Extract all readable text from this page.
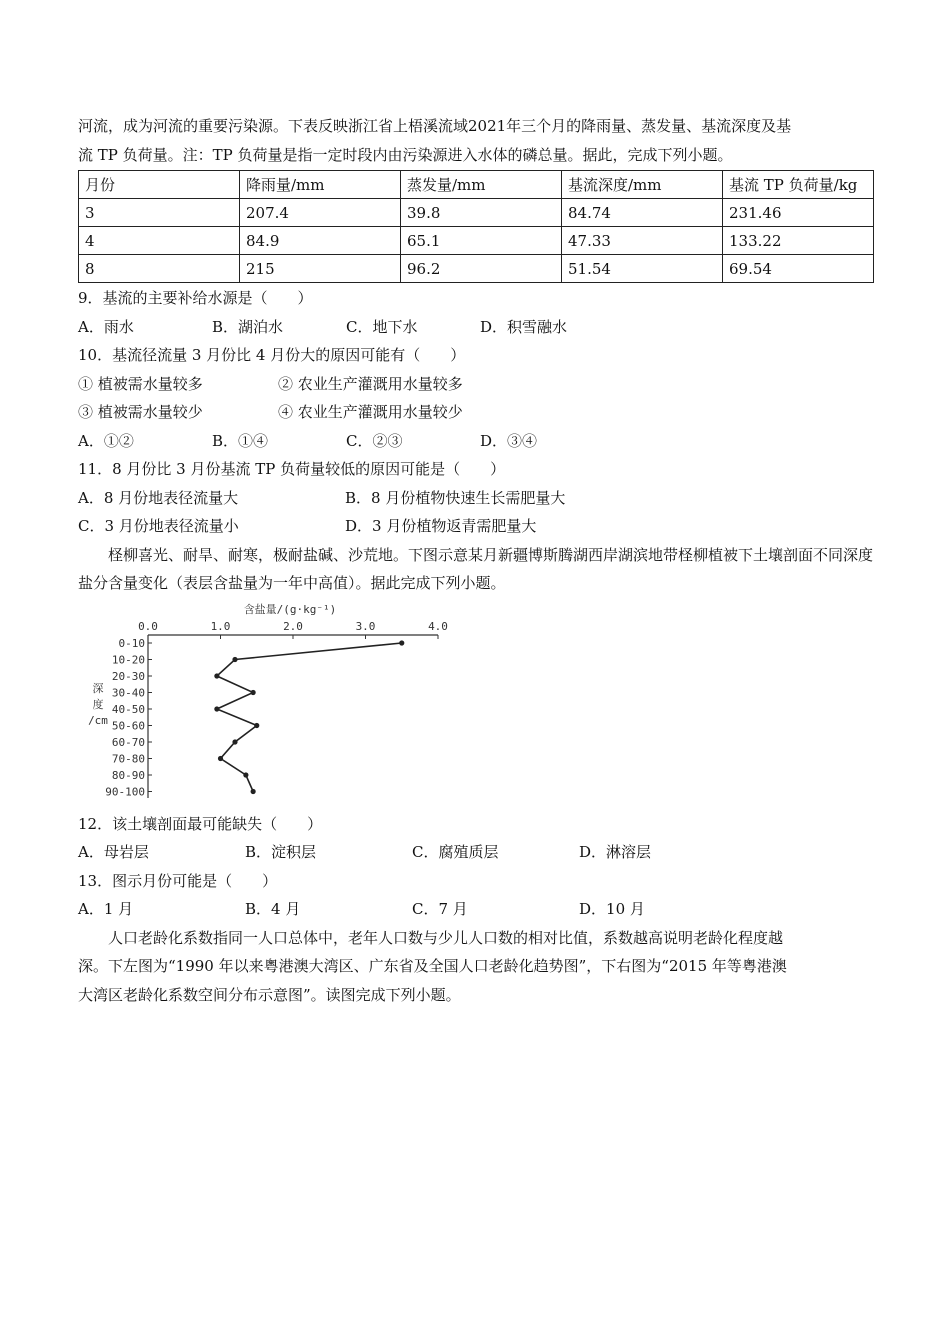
河流，成为河流的重要污染源。下表反映浙江省上梧溪流域2021年三个月的降雨量、蒸发量、基流深度及基

流 TP 负荷量。注：TP 负荷量是指一定时段内由污染源进入水体的磷总量。据此，完成下列小题。

月份	降雨量/mm	蒸发量/mm	基流深度/mm	基流 TP 负荷量/kg
3	207.4	39.8	84.74	231.46
4	84.9	65.1	47.33	133.22
8	215	96.2	51.54	69.54

9．基流的主要补给水源是（　　）

A．雨水	B．湖泊水	C．地下水	D．积雪融水

10．基流径流量 3 月份比 4 月份大的原因可能有（　　）

① 植被需水量较多	② 农业生产灌溉用水量较多
③ 植被需水量较少	④ 农业生产灌溉用水量较少
A．①②	B．①④	C．②③	D．③④

11．8 月份比 3 月份基流 TP 负荷量较低的原因可能是（　　）

A．8 月份地表径流量大	B．8 月份植物快速生长需肥量大
C．3 月份地表径流量小	D．3 月份植物返青需肥量大

柽柳喜光、耐旱、耐寒，极耐盐碱、沙荒地。下图示意某月新疆博斯腾湖西岸湖滨地带柽柳植被下土壤剖面不同深度盐分含量变化（表层含盐量为一年中高值）。据此完成下列小题。

含盐量/(g·kg⁻¹)
0.0	1.0	2.0	3.0	4.0
0-10
10-20
20-30
30-40
40-50
50-60
60-70
70-80
80-90
90-100
深
度
/cm

12．该土壤剖面最可能缺失（　　）

A．母岩层	B．淀积层	C．腐殖质层	D．淋溶层

13．图示月份可能是（　　）

A．1 月	B．4 月	C．7 月	D．10 月

人口老龄化系数指同一人口总体中，老年人口数与少儿人口数的相对比值，系数越高说明老龄化程度越

深。下左图为“1990 年以来粤港澳大湾区、广东省及全国人口老龄化趋势图”，下右图为“2015 年等粤港澳

大湾区老龄化系数空间分布示意图”。读图完成下列小题。
